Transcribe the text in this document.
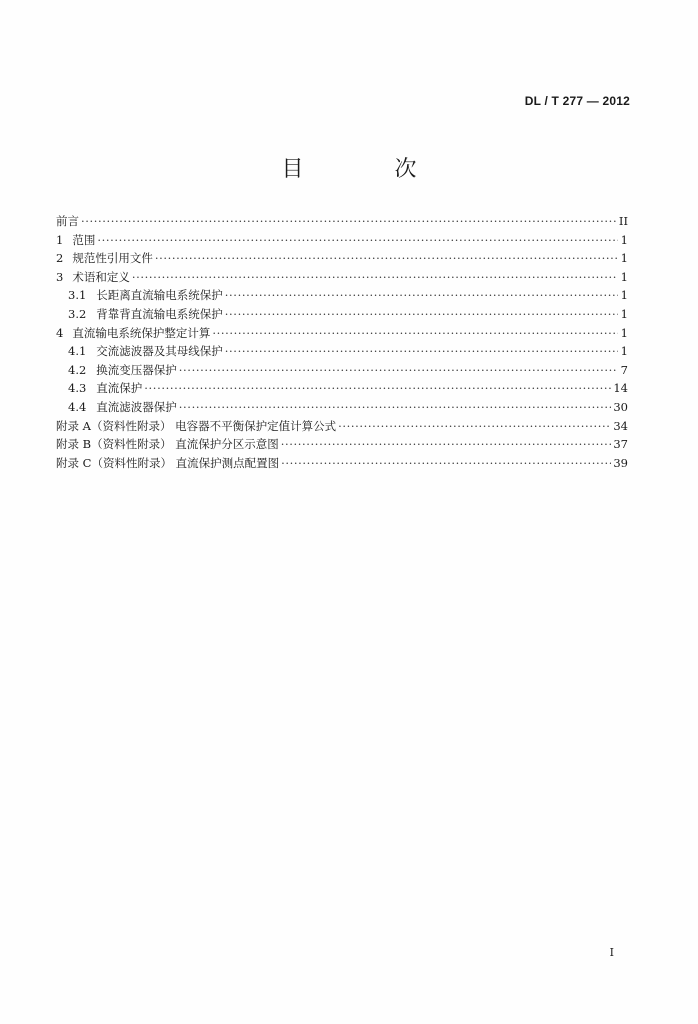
DL / T 277 — 2012
目 次
前言 ·····	II
1 范围 ·····	1
2 规范性引用文件 ·····	1
3 术语和定义 ·····	1
3.1 长距离直流输电系统保护 ·····	1
3.2 背靠背直流输电系统保护 ·····	1
4 直流输电系统保护整定计算 ·····	1
4.1 交流滤波器及其母线保护 ·····	1
4.2 换流变压器保护 ·····	7
4.3 直流保护 ·····	14
4.4 直流滤波器保护 ·····	30
附录 A（资料性附录） 电容器不平衡保护定值计算公式 ·····	34
附录 B（资料性附录） 直流保护分区示意图 ·····	37
附录 C（资料性附录） 直流保护测点配置图 ·····	39
I
